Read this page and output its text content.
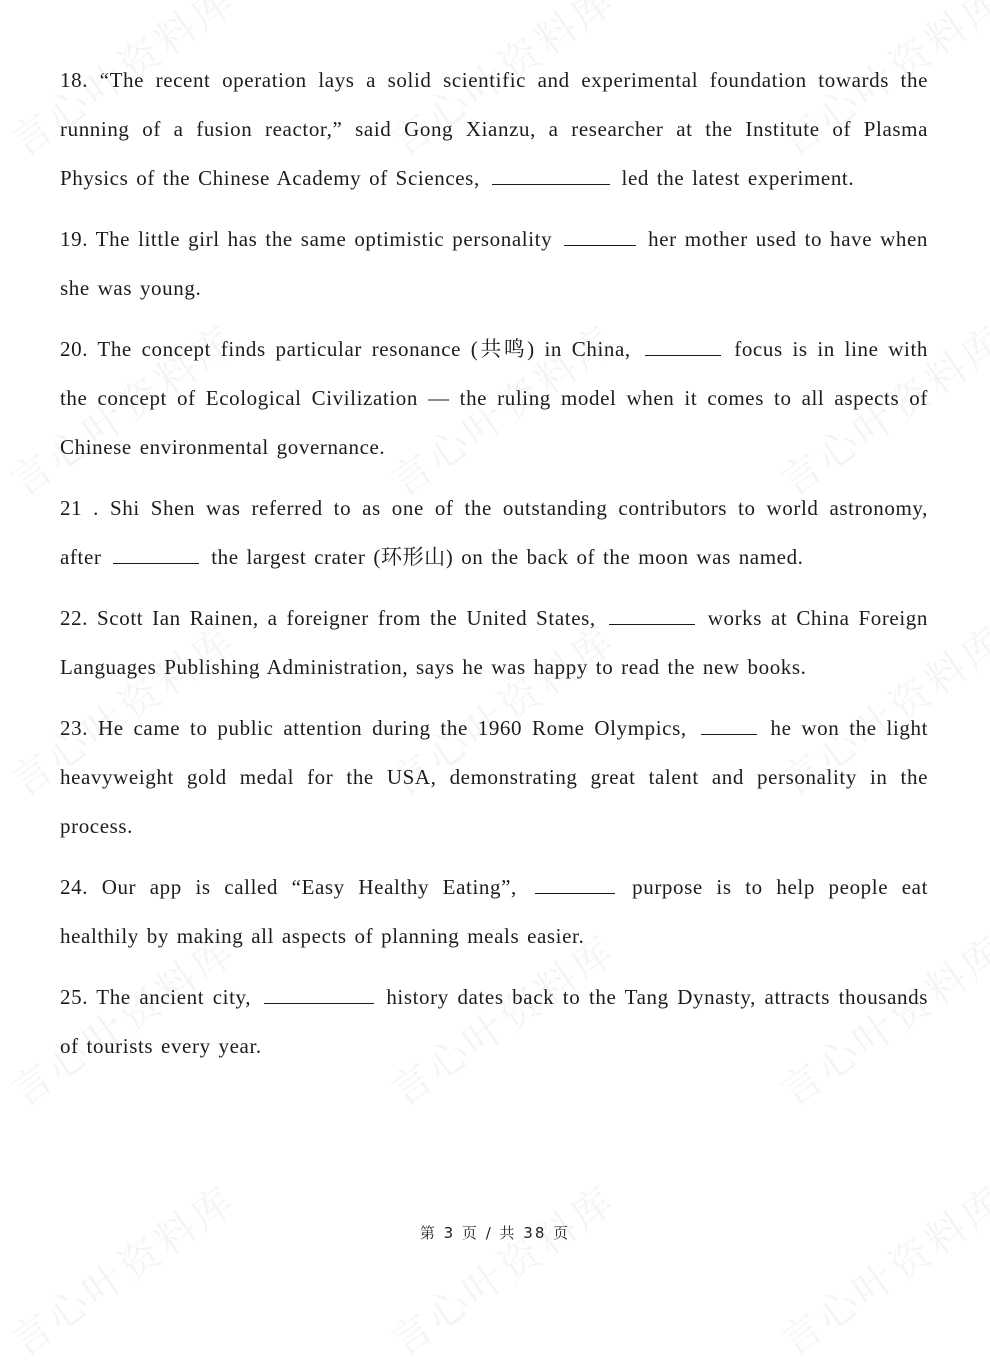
18. “The recent operation lays a solid scientific and experimental foundation towards the running of a fusion reactor,” said Gong Xianzu, a researcher at the Institute of Plasma Physics of the Chinese Academy of Sciences,	led the latest experiment.

19. The little girl has the same optimistic personality	her mother used to have when she was young.

20. The concept finds particular resonance (共鸣) in China,	focus is in line with the concept of Ecological Civilization — the ruling model when it comes to all aspects of Chinese environmental governance.

21 . Shi Shen was referred to as one of the outstanding contributors to world astronomy, after	the largest crater (环形山) on the back of the moon was named.

22. Scott Ian Rainen, a foreigner from the United States,	works at China Foreign Languages Publishing Administration, says he was happy to read the new books.

23. He came to public attention during the 1960 Rome Olympics,	he won the light heavyweight gold medal for the USA, demonstrating great talent and personality in the process.

24. Our app is called “Easy Healthy Eating”,	purpose is to help people eat healthily by making all aspects of planning meals easier.

25. The ancient city,	history dates back to the Tang Dynasty, attracts thousands of tourists every year.

第 3 页 / 共 38 页
